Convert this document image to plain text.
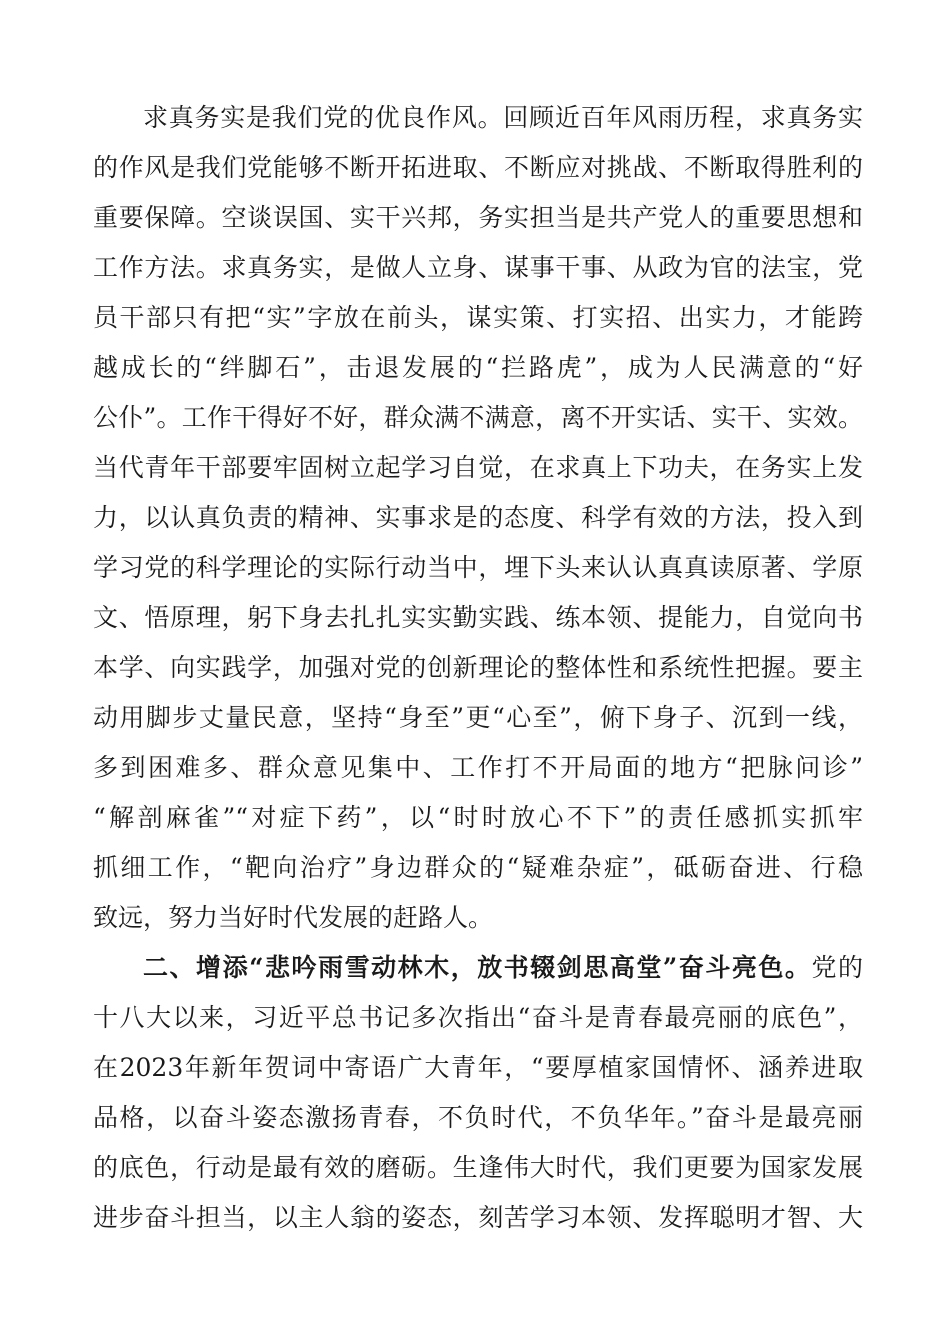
求真务实是我们党的优良作风。回顾近百年风雨历程，求真务实
的作风是我们党能够不断开拓进取、不断应对挑战、不断取得胜利的
重要保障。空谈误国、实干兴邦，务实担当是共产党人的重要思想和
工作方法。求真务实，是做人立身、谋事干事、从政为官的法宝，党
员干部只有把“实”字放在前头，谋实策、打实招、出实力，才能跨
越成长的“绊脚石”，击退发展的“拦路虎”，成为人民满意的“好
公仆”。工作干得好不好，群众满不满意，离不开实话、实干、实效。
当代青年干部要牢固树立起学习自觉，在求真上下功夫，在务实上发
力，以认真负责的精神、实事求是的态度、科学有效的方法，投入到
学习党的科学理论的实际行动当中，埋下头来认认真真读原著、学原
文、悟原理，躬下身去扎扎实实勤实践、练本领、提能力，自觉向书
本学、向实践学，加强对党的创新理论的整体性和系统性把握。要主
动用脚步丈量民意，坚持“身至”更“心至”，俯下身子、沉到一线，
多到困难多、群众意见集中、工作打不开局面的地方“把脉问诊”
“解剖麻雀”“对症下药”，以“时时放心不下”的责任感抓实抓牢
抓细工作，“靶向治疗”身边群众的“疑难杂症”，砥砺奋进、行稳
致远，努力当好时代发展的赶路人。
二、增添“悲吟雨雪动林木，放书辍剑思高堂”奋斗亮色。党的
十八大以来，习近平总书记多次指出“奋斗是青春最亮丽的底色”，
在2023年新年贺词中寄语广大青年，“要厚植家国情怀、涵养进取
品格，以奋斗姿态激扬青春，不负时代，不负华年。”奋斗是最亮丽
的底色，行动是最有效的磨砺。生逢伟大时代，我们更要为国家发展
进步奋斗担当，以主人翁的姿态，刻苦学习本领、发挥聪明才智、大
